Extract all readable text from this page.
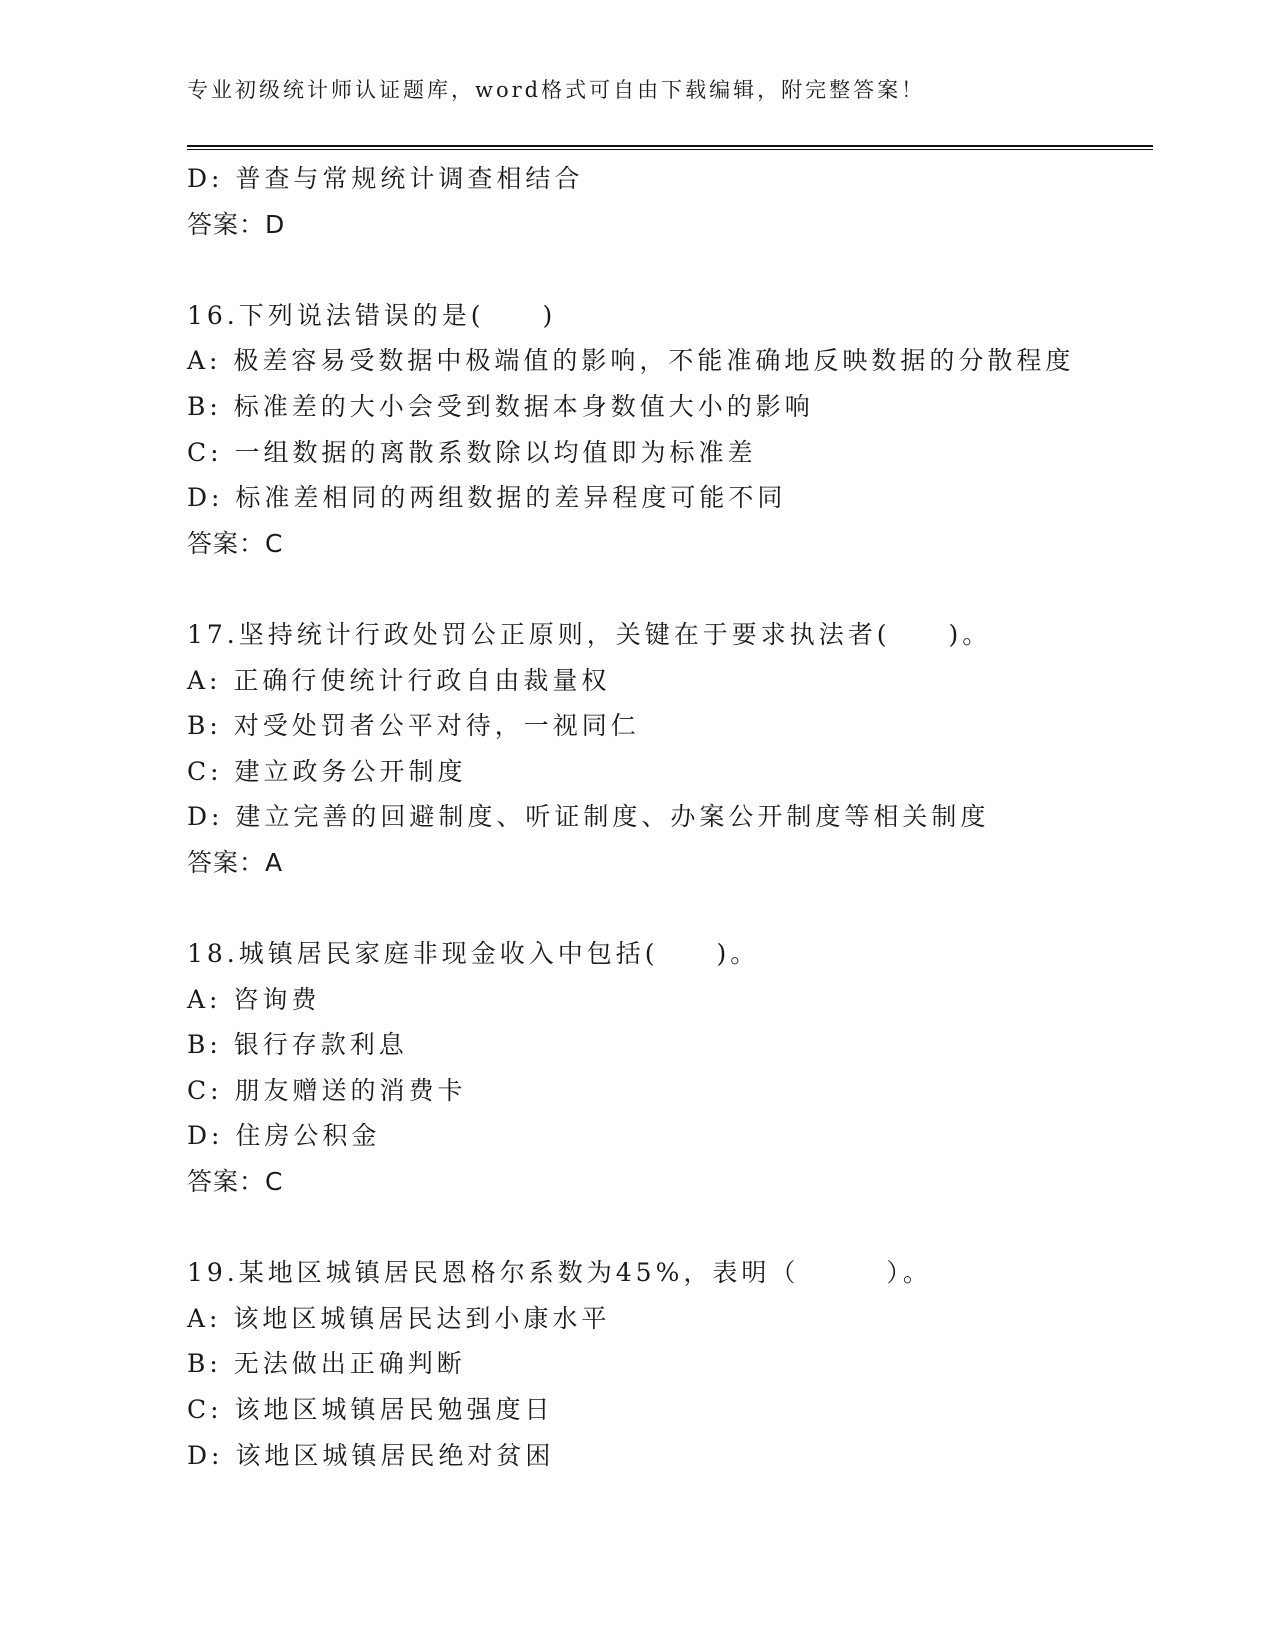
专业初级统计师认证题库，word格式可自由下载编辑，附完整答案！
D: 普查与常规统计调查相结合
答案：D
16.下列说法错误的是(　　)
A: 极差容易受数据中极端值的影响，不能准确地反映数据的分散程度
B: 标准差的大小会受到数据本身数值大小的影响
C: 一组数据的离散系数除以均值即为标准差
D: 标准差相同的两组数据的差异程度可能不同
答案：C
17.坚持统计行政处罚公正原则，关键在于要求执法者(　　)。
A: 正确行使统计行政自由裁量权
B: 对受处罚者公平对待，一视同仁
C: 建立政务公开制度
D: 建立完善的回避制度、听证制度、办案公开制度等相关制度
答案：A
18.城镇居民家庭非现金收入中包括(　　)。
A: 咨询费
B: 银行存款利息
C: 朋友赠送的消费卡
D: 住房公积金
答案：C
19.某地区城镇居民恩格尔系数为45%，表明（　　　）。
A: 该地区城镇居民达到小康水平
B: 无法做出正确判断
C: 该地区城镇居民勉强度日
D: 该地区城镇居民绝对贫困
